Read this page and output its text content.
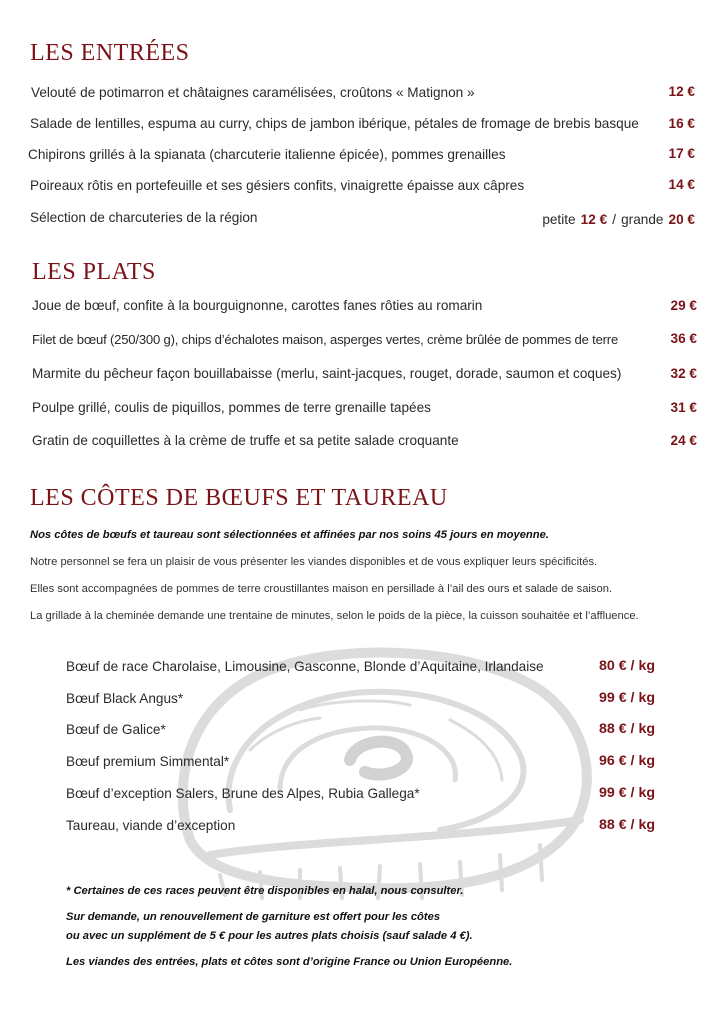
LES ENTRÉES
Velouté de potimarron et châtaignes caramélisées, croûtons « Matignon »	12 €
Salade de lentilles, espuma au curry, chips de jambon ibérique, pétales de fromage de brebis basque 16 €
Chipirons grillés à la spianata (charcuterie italienne épicée), pommes grenailles	17 €
Poireaux rôtis en portefeuille et ses gésiers confits, vinaigrette épaisse aux câpres	14 €
Sélection de charcuteries de la région	petite 12 € / grande 20 €
LES PLATS
Joue de bœuf, confite à la bourguignonne, carottes fanes rôties au romarin	29 €
Filet de bœuf (250/300 g), chips d’échalotes maison, asperges vertes, crème brûlée de pommes de terre	36 €
Marmite du pêcheur façon bouillabaisse (merlu, saint-jacques, rouget, dorade, saumon et coques)	32 €
Poulpe grillé, coulis de piquillos, pommes de terre grenaille tapées	31 €
Gratin de coquillettes à la crème de truffe et sa petite salade croquante	24 €
LES CÔTES DE BŒUFS ET TAUREAU
Nos côtes de bœufs et taureau sont sélectionnées et affinées par nos soins 45 jours en moyenne.
Notre personnel se fera un plaisir de vous présenter les viandes disponibles et de vous expliquer leurs spécificités.
Elles sont accompagnées de pommes de terre croustillantes maison en persillade à l’ail des ours et salade de saison.
La grillade à la cheminée demande une trentaine de minutes, selon le poids de la pièce, la cuisson souhaitée et l’affluence.
Bœuf de race Charolaise, Limousine, Gasconne, Blonde d’Aquitaine, Irlandaise	80 € / kg
Bœuf Black Angus*	99 € / kg
Bœuf de Galice*	88 € / kg
Bœuf premium Simmental*	96 € / kg
Bœuf d’exception Salers, Brune des Alpes, Rubia Gallega*	99 € / kg
Taureau, viande d’exception	88 € / kg
* Certaines de ces races peuvent être disponibles en halal, nous consulter.
Sur demande, un renouvellement de garniture est offert pour les côtes
ou avec un supplément de 5 € pour les autres plats choisis (sauf salade 4 €).
Les viandes des entrées, plats et côtes sont d’origine France ou Union Européenne.
